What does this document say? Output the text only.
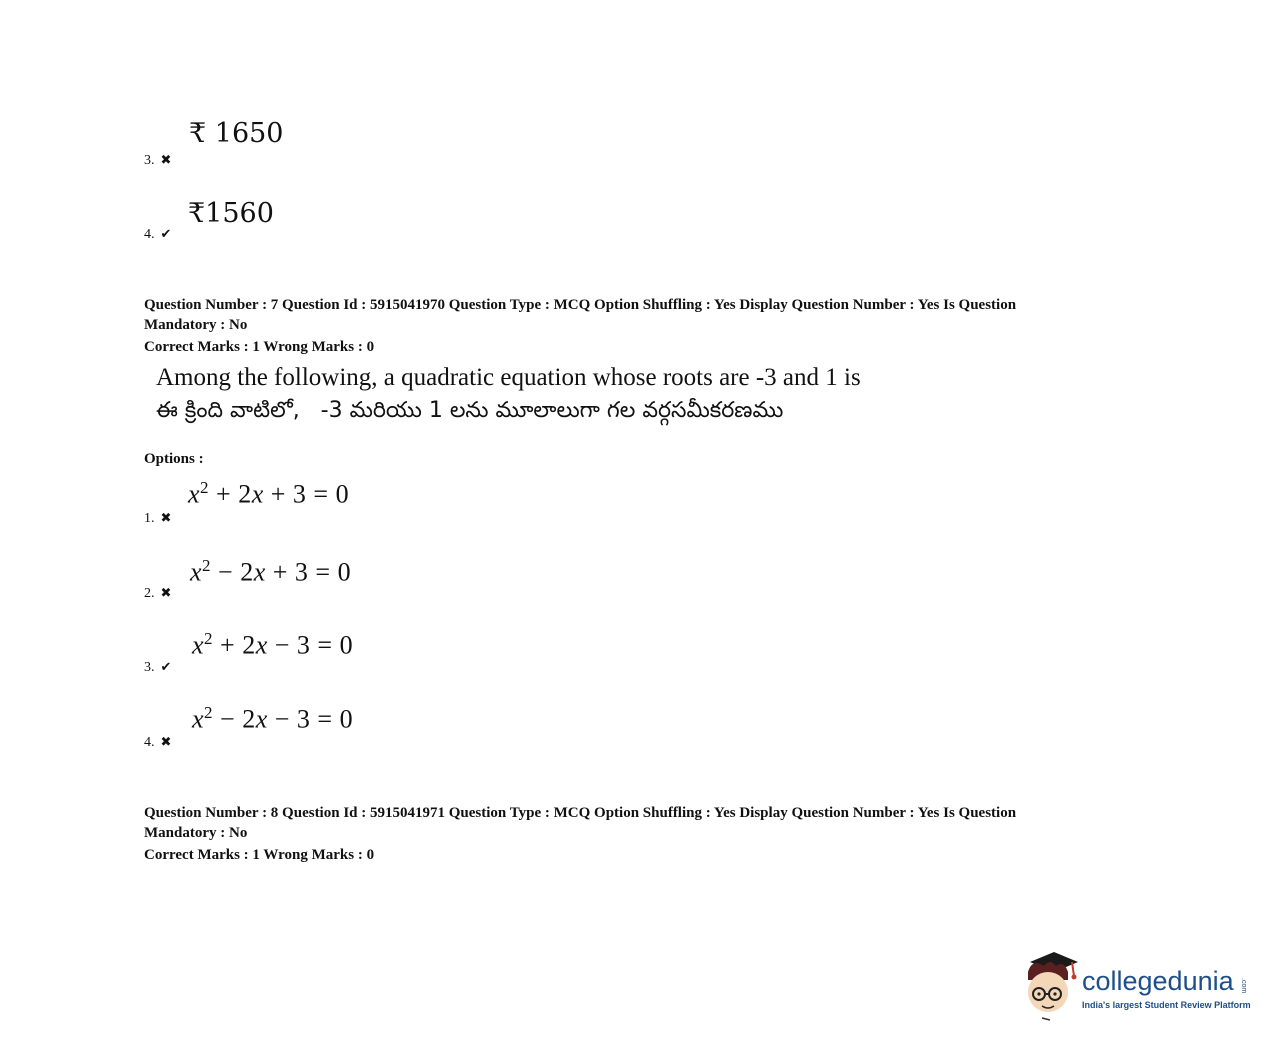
₹ 1650
3. ✖
₹1560
4. ✔
Question Number : 7 Question Id : 5915041970 Question Type : MCQ Option Shuffling : Yes Display Question Number : Yes Is Question
Mandatory : No
Correct Marks : 1 Wrong Marks : 0
Among the following, a quadratic equation whose roots are -3 and 1 is
ఈ క్రింది వాటిలో,   -3 మరియు 1 లను మూలాలుగా గల వర్గసమీకరణము
Options :
$x^2 + 2x + 3 = 0$
1. ✖
$x^2 - 2x + 3 = 0$
2. ✖
$x^2 + 2x - 3 = 0$
3. ✔
$x^2 - 2x - 3 = 0$
4. ✖
Question Number : 8 Question Id : 5915041971 Question Type : MCQ Option Shuffling : Yes Display Question Number : Yes Is Question
Mandatory : No
Correct Marks : 1 Wrong Marks : 0
collegedunia .com
India's largest Student Review Platform
